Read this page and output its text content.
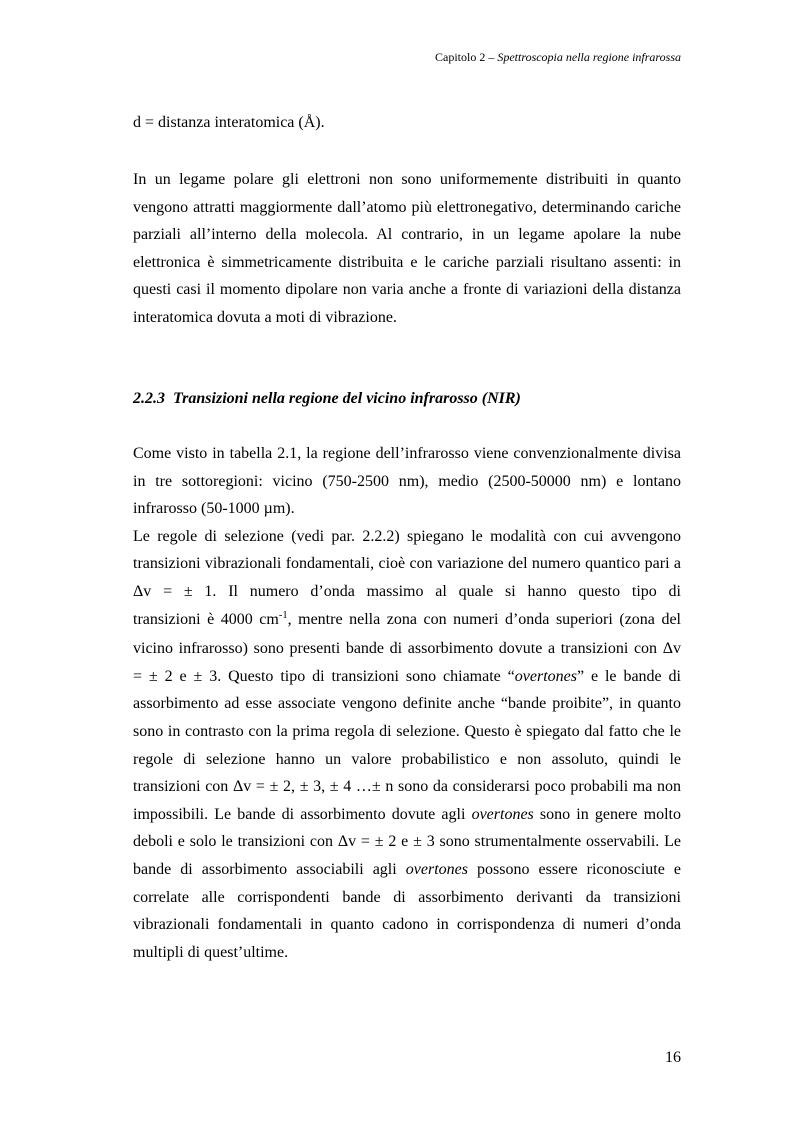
Capitolo 2 – Spettroscopia nella regione infrarossa
d = distanza interatomica (Å).
In un legame polare gli elettroni non sono uniformemente distribuiti in quanto
vengono attratti maggiormente dall’atomo più elettronegativo, determinando cariche
parziali all’interno della molecola. Al contrario, in un legame apolare la nube
elettronica è simmetricamente distribuita e le cariche parziali risultano assenti: in
questi casi il momento dipolare non varia anche a fronte di variazioni della distanza
interatomica dovuta a moti di vibrazione.
2.2.3  Transizioni nella regione del vicino infrarosso (NIR)
Come visto in tabella 2.1, la regione dell’infrarosso viene convenzionalmente divisa
in tre sottoregioni: vicino (750-2500 nm), medio (2500-50000 nm) e lontano
infrarosso (50-1000 µm).
Le regole di selezione (vedi par. 2.2.2) spiegano le modalità con cui avvengono
transizioni vibrazionali fondamentali, cioè con variazione del numero quantico pari a
Δv = ± 1. Il numero d’onda massimo al quale si hanno questo tipo di
transizioni è 4000 $cm^{-1}$, mentre nella zona con numeri d’onda superiori (zona del
vicino infrarosso) sono presenti bande di assorbimento dovute a transizioni con Δv
= ± 2 e ± 3. Questo tipo di transizioni sono chiamate “overtones” e le bande di
assorbimento ad esse associate vengono definite anche “bande proibite”, in quanto
sono in contrasto con la prima regola di selezione. Questo è spiegato dal fatto che le
regole di selezione hanno un valore probabilistico e non assoluto, quindi le
transizioni con Δv = ± 2, ± 3, ± 4 …± n sono da considerarsi poco probabili ma non
impossibili. Le bande di assorbimento dovute agli overtones sono in genere molto
deboli e solo le transizioni con Δv = ± 2 e ± 3 sono strumentalmente osservabili. Le
bande di assorbimento associabili agli overtones possono essere riconosciute e
correlate alle corrispondenti bande di assorbimento derivanti da transizioni
vibrazionali fondamentali in quanto cadono in corrispondenza di numeri d’onda
multipli di quest’ultime.
16
